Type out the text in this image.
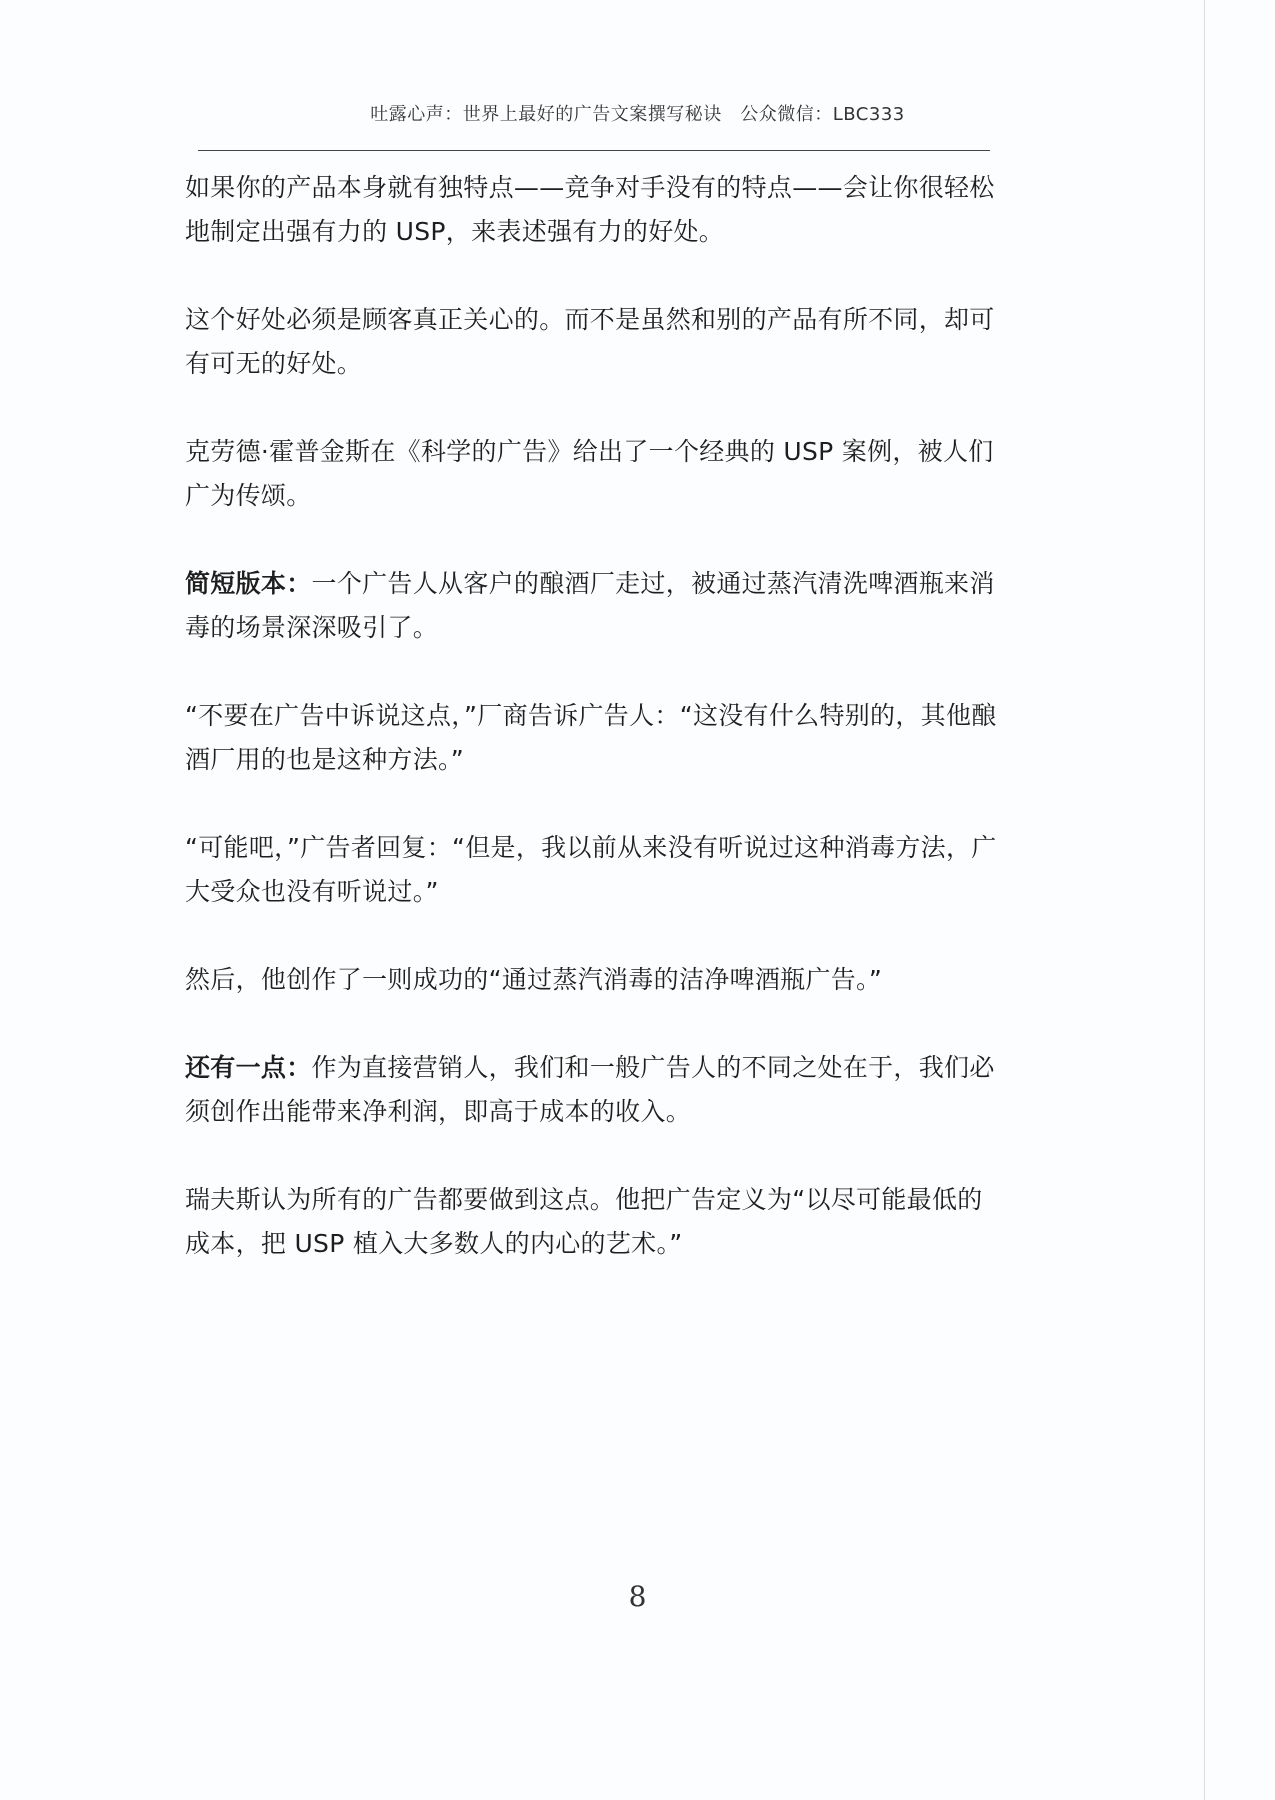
吐露心声：世界上最好的广告文案撰写秘诀　公众微信：LBC333

如果你的产品本身就有独特点——竞争对手没有的特点——会让你很轻松地制定出强有力的 USP，来表述强有力的好处。

这个好处必须是顾客真正关心的。而不是虽然和别的产品有所不同，却可有可无的好处。

克劳德·霍普金斯在《科学的广告》给出了一个经典的 USP 案例，被人们广为传颂。

简短版本：一个广告人从客户的酿酒厂走过，被通过蒸汽清洗啤酒瓶来消毒的场景深深吸引了。

“不要在广告中诉说这点，”厂商告诉广告人：“这没有什么特别的，其他酿酒厂用的也是这种方法。”

“可能吧，”广告者回复：“但是，我以前从来没有听说过这种消毒方法，广大受众也没有听说过。”

然后，他创作了一则成功的“通过蒸汽消毒的洁净啤酒瓶广告。”

还有一点：作为直接营销人，我们和一般广告人的不同之处在于，我们必须创作出能带来净利润，即高于成本的收入。

瑞夫斯认为所有的广告都要做到这点。他把广告定义为“以尽可能最低的成本，把 USP 植入大多数人的内心的艺术。”

8
